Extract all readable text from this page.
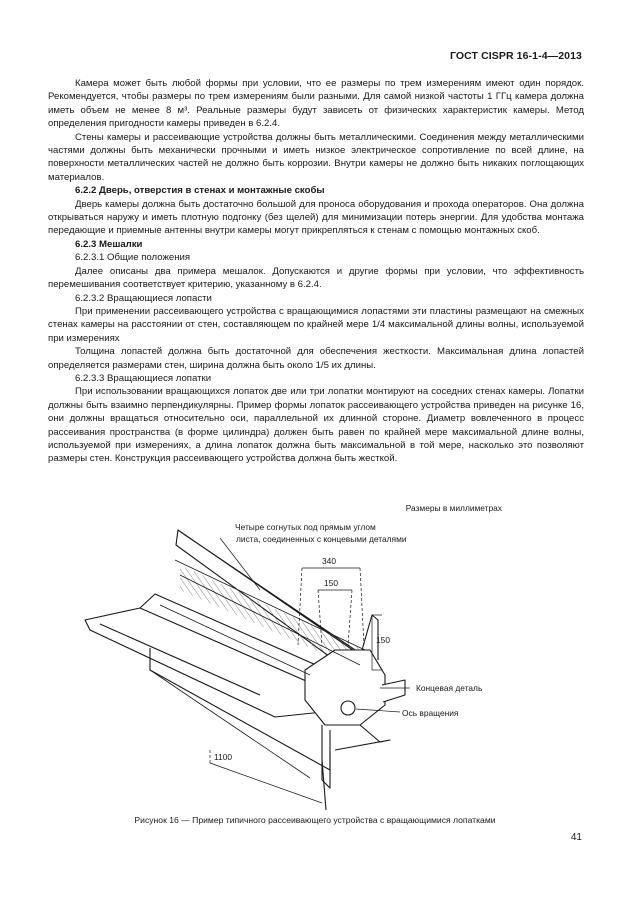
ГОСТ CISPR 16-1-4—2013

Камера может быть любой формы при условии, что ее размеры по трем измерениям имеют один порядок. Рекомендуется, чтобы размеры по трем измерениям были разными. Для самой низкой частоты 1 ГГц камера должна иметь объем не менее 8 м³. Реальные размеры будут зависеть от физических характеристик камеры. Метод определения пригодности камеры приведен в 6.2.4.

Стены камеры и рассеивающие устройства должны быть металлическими. Соединения между металлическими частями должны быть механически прочными и иметь низкое электрическое сопротивление по всей длине, на поверхности металлических частей не должно быть коррозии. Внутри камеры не должно быть никаких поглощающих материалов.

6.2.2 Дверь, отверстия в стенах и монтажные скобы

Дверь камеры должна быть достаточно большой для проноса оборудования и прохода операторов. Она должна открываться наружу и иметь плотную подгонку (без щелей) для минимизации потерь энергии. Для удобства монтажа передающие и приемные антенны внутри камеры могут прикрепляться к стенам с помощью монтажных скоб.

6.2.3 Мешалки

6.2.3.1 Общие положения

Далее описаны два примера мешалок. Допускаются и другие формы при условии, что эффективность перемешивания соответствует критерию, указанному в 6.2.4.

6.2.3.2 Вращающиеся лопасти

При применении рассеивающего устройства с вращающимися лопастями эти пластины размещают на смежных стенах камеры на расстоянии от стен, составляющем по крайней мере 1/4 максимальной длины волны, используемой при измерениях

Толщина лопастей должна быть достаточной для обеспечения жесткости. Максимальная длина лопастей определяется размерами стен, ширина должна быть около 1/5 их длины.

6.2.3.3 Вращающиеся лопатки

При использовании вращающихся лопаток две или три лопатки монтируют на соседних стенах камеры. Лопатки должны быть взаимно перпендикулярны. Пример формы лопаток рассеивающего устройства приведен на рисунке 16, они должны вращаться относительно оси, параллельной их длинной стороне. Диаметр вовлеченного в процесс рассеивания пространства (в форме цилиндра) должен быть равен по крайней мере максимальной длине волны, используемой при измерениях, а длина лопаток должна быть максимальной в той мере, насколько это позволяют размеры стен. Конструкция рассеивающего устройства должна быть жесткой.

Размеры в миллиметрах
Четыре согнутых под прямым углом
листа, соединенных с концевыми деталями
340
150
150
1100
Концевая деталь
Ось вращения
Рисунок 16 — Пример типичного рассеивающего устройства с вращающимися лопатками
41
